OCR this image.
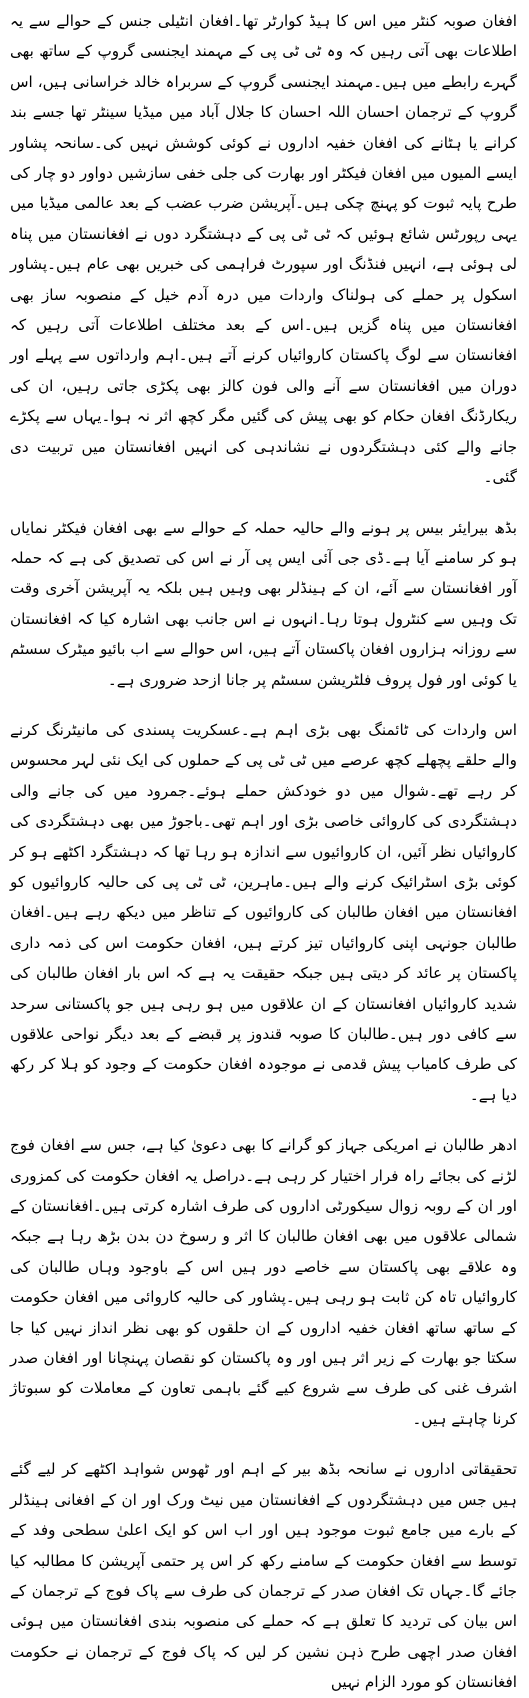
افغان صوبہ کنٹر میں اس کا ہیڈ کوارٹر تھا۔افغان انٹیلی جنس کے حوالے سے یہ اطلاعات بھی آتی رہیں کہ وہ ٹی ٹی پی کے مہمند ایجنسی گروپ کے ساتھ بھی گہرے رابطے میں ہیں۔مہمند ایجنسی گروپ کے سربراہ خالد خراسانی ہیں، اس گروپ کے ترجمان احسان اللہ احسان کا جلال آباد میں میڈیا سینٹر تھا جسے بند کرانے یا ہٹانے کی افغان خفیہ اداروں نے کوئی کوشش نہیں کی۔سانحہ پشاور ایسے المیوں میں افغان فیکٹر اور بھارت کی جلی خفی سازشیں دواور دو چار کی طرح پایہ ثبوت کو پہنچ چکی ہیں۔آپریشن ضرب عضب کے بعد عالمی میڈیا میں یہی رپورٹس شائع ہوئیں کہ ٹی ٹی پی کے دہشتگرد دوں نے افغانستان میں پناہ لی ہوئی ہے، انہیں فنڈنگ اور سپورٹ فراہمی کی خبریں بھی عام ہیں۔پشاور اسکول پر حملے کی ہولناک واردات میں درہ آدم خیل کے منصوبہ ساز بھی افغانستان میں پناہ گزیں ہیں۔اس کے بعد مختلف اطلاعات آتی رہیں کہ افغانستان سے لوگ پاکستان کاروائیاں کرنے آتے ہیں۔اہم وارداتوں سے پہلے اور دوران میں افغانستان سے آنے والی فون کالز بھی پکڑی جاتی رہیں، ان کی ریکارڈنگ افغان حکام کو بھی پیش کی گئیں مگر کچھ اثر نہ ہوا۔یہاں سے پکڑے جانے والے کئی دہشتگردوں نے نشاندہی کی انہیں افغانستان میں تربیت دی گئی۔

بڈھ بیرایئر بیس پر ہونے والے حالیہ حملہ کے حوالے سے بھی افغان فیکٹر نمایاں ہو کر سامنے آیا ہے۔ڈی جی آئی ایس پی آر نے اس کی تصدیق کی ہے کہ حملہ آور افغانستان سے آئے، ان کے ہینڈلر بھی وہیں ہیں بلکہ یہ آپریشن آخری وقت تک وہیں سے کنٹرول ہوتا رہا۔انہوں نے اس جانب بھی اشارہ کیا کہ افغانستان سے روزانہ ہزاروں افغان پاکستان آتے ہیں، اس حوالے سے اب بائیو میٹرک سسٹم یا کوئی اور فول پروف فلٹریشن سسٹم پر جانا ازحد ضروری ہے۔

اس واردات کی ٹائمنگ بھی بڑی اہم ہے۔عسکریت پسندی کی مانیٹرنگ کرنے والے حلقے پچھلے کچھ عرصے میں ٹی ٹی پی کے حملوں کی ایک نئی لہر محسوس کر رہے تھے۔شوال میں دو خودکش حملے ہوئے۔جمرود میں کی جانے والی دہشتگردی کی کاروائی خاصی بڑی اور اہم تھی۔باجوڑ میں بھی دہشتگردی کی کاروائیاں نظر آئیں، ان کاروائیوں سے اندازہ ہو رہا تھا کہ دہشتگرد اکٹھے ہو کر کوئی بڑی اسٹرائیک کرنے والے ہیں۔ماہرین، ٹی ٹی پی کی حالیہ کاروائیوں کو افغانستان میں افغان طالبان کی کاروائیوں کے تناظر میں دیکھ رہے ہیں۔افغان طالبان جونہی اپنی کاروائیاں تیز کرتے ہیں، افغان حکومت اس کی ذمہ داری پاکستان پر عائد کر دیتی ہیں جبکہ حقیقت یہ ہے کہ اس بار افغان طالبان کی شدید کاروائیاں افغانستان کے ان علاقوں میں ہو رہی ہیں جو پاکستانی سرحد سے کافی دور ہیں۔طالبان کا صوبہ قندوز پر قبضے کے بعد دیگر نواحی علاقوں کی طرف کامیاب پیش قدمی نے موجودہ افغان حکومت کے وجود کو ہلا کر رکھ دیا ہے۔

ادھر طالبان نے امریکی جہاز کو گرانے کا بھی دعویٰ کیا ہے، جس سے افغان فوج لڑنے کی بجائے راہ فرار اختیار کر رہی ہے۔دراصل یہ افغان حکومت کی کمزوری اور ان کے روبہ زوال سیکورٹی اداروں کی طرف اشارہ کرتی ہیں۔افغانستان کے شمالی علاقوں میں بھی افغان طالبان کا اثر و رسوخ دن بدن بڑھ رہا ہے جبکہ وہ علاقے بھی پاکستان سے خاصے دور ہیں اس کے باوجود وہاں طالبان کی کاروائیاں تاہ کن ثابت ہو رہی ہیں۔پشاور کی حالیہ کاروائی میں افغان حکومت کے ساتھ ساتھ افغان خفیہ اداروں کے ان حلقوں کو بھی نظر انداز نہیں کیا جا سکتا جو بھارت کے زیر اثر ہیں اور وہ پاکستان کو نقصان پہنچانا اور افغان صدر اشرف غنی کی طرف سے شروع کیے گئے باہمی تعاون کے معاملات کو سبوتاژ کرنا چاہتے ہیں۔

تحقیقاتی اداروں نے سانحہ بڈھ بیر کے اہم اور ٹھوس شواہد اکٹھے کر لیے گئے ہیں جس میں دہشتگردوں کے افغانستان میں نیٹ ورک اور ان کے افغانی ہینڈلر کے بارے میں جامع ثبوت موجود ہیں اور اب اس کو ایک اعلیٰ سطحی وفد کے توسط سے افغان حکومت کے سامنے رکھ کر اس پر حتمی آپریشن کا مطالبہ کیا جائے گا۔جہاں تک افغان صدر کے ترجمان کی طرف سے پاک فوج کے ترجمان کے اس بیان کی تردید کا تعلق ہے کہ حملے کی منصوبہ بندی افغانستان میں ہوئی افغان صدر اچھی طرح ذہن نشین کر لیں کہ پاک فوج کے ترجمان نے حکومت افغانستان کو مورد الزام نہیں
